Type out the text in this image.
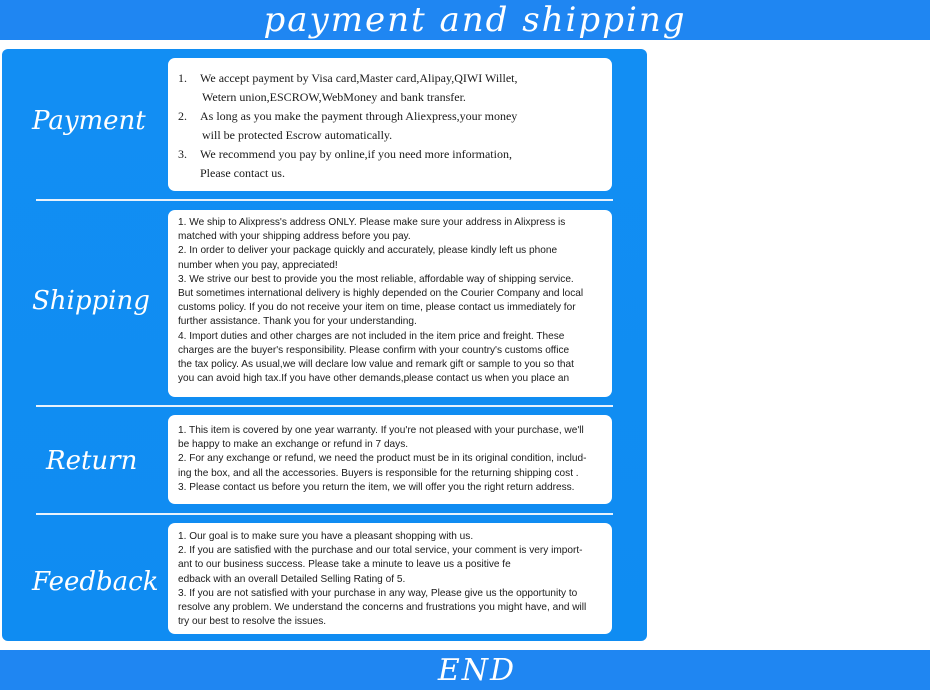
payment and shipping
Payment

1. We accept payment by Visa card,Master card,Alipay,QIWI Willet,

Wetern union,ESCROW,WebMoney and bank transfer.

2. As long as you make the payment through Aliexpress,your money

will be protected Escrow automatically.

3. We recommend you pay by online,if you need more information,

Please contact us.

Shipping

1. We ship to Alixpress's address ONLY. Please make sure your address in Alixpress is

matched with your shipping address before you pay.

2. In order to deliver your package quickly and accurately, please kindly left us phone

number when you pay, appreciated!

3. We strive our best to provide you the most reliable, affordable way of shipping service.

But sometimes international delivery is highly depended on the Courier Company and local

customs policy. If you do not receive your item on time, please contact us immediately for

further assistance. Thank you for your understanding.

4. Import duties and other charges are not included in the item price and freight. These

charges are the buyer's responsibility. Please confirm with your country's customs office

the tax policy. As usual,we will declare low value and remark gift or sample to you so that

you can avoid high tax.If you have other demands,please contact us when you place an

Return

1. This item is covered by one year warranty. If you're not pleased with your purchase, we'll

be happy to make an exchange or refund in 7 days.

2. For any exchange or refund, we need the product must be in its original condition, includ-

ing the box, and all the accessories. Buyers is responsible for the returning shipping cost .

3. Please contact us before you return the item, we will offer you the right return address.

Feedback

1. Our goal is to make sure you have a pleasant shopping with us.

2. If you are satisfied with the purchase and our total service, your comment is very import-

ant to our business success. Please take a minute to leave us a positive fe

edback with an overall Detailed Selling Rating of 5.

3. If you are not satisfied with your purchase in any way, Please give us the opportunity to

resolve any problem. We understand the concerns and frustrations you might have, and will

try our best to resolve the issues.

END
